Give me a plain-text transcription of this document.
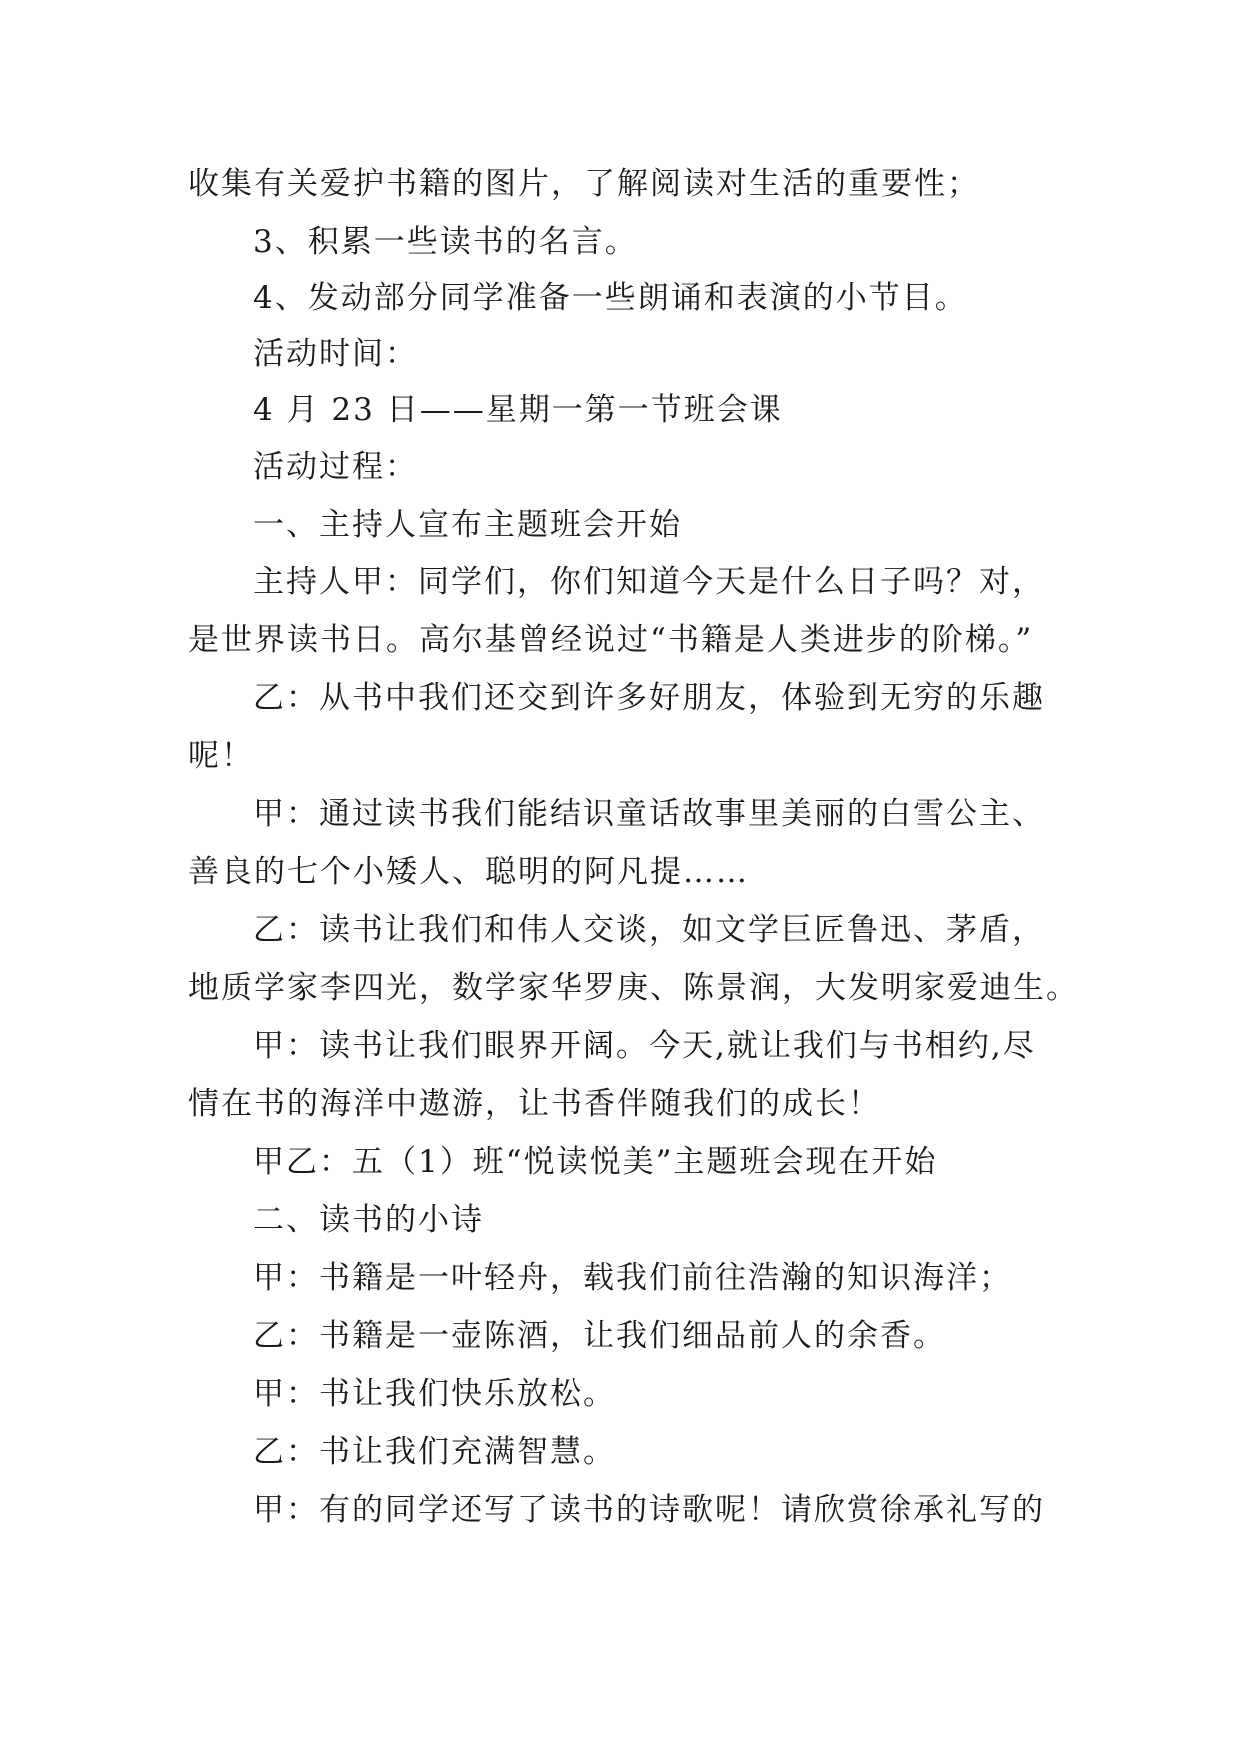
收集有关爱护书籍的图片，了解阅读对生活的重要性；
3、积累一些读书的名言。
4、发动部分同学准备一些朗诵和表演的小节目。
活动时间：
4 月 23 日——星期一第一节班会课
活动过程：
一、主持人宣布主题班会开始
主持人甲：同学们，你们知道今天是什么日子吗？对，
是世界读书日。高尔基曾经说过“书籍是人类进步的阶梯。”
乙：从书中我们还交到许多好朋友，体验到无穷的乐趣
呢！
甲：通过读书我们能结识童话故事里美丽的白雪公主、
善良的七个小矮人、聪明的阿凡提……
乙：读书让我们和伟人交谈，如文学巨匠鲁迅、茅盾，
地质学家李四光，数学家华罗庚、陈景润，大发明家爱迪生。
甲：读书让我们眼界开阔。今天,就让我们与书相约,尽
情在书的海洋中遨游，让书香伴随我们的成长！
甲乙：五（1）班“悦读悦美”主题班会现在开始
二、读书的小诗
甲：书籍是一叶轻舟，载我们前往浩瀚的知识海洋；
乙：书籍是一壶陈酒，让我们细品前人的余香。
甲：书让我们快乐放松。
乙：书让我们充满智慧。
甲：有的同学还写了读书的诗歌呢！请欣赏徐承礼写的
